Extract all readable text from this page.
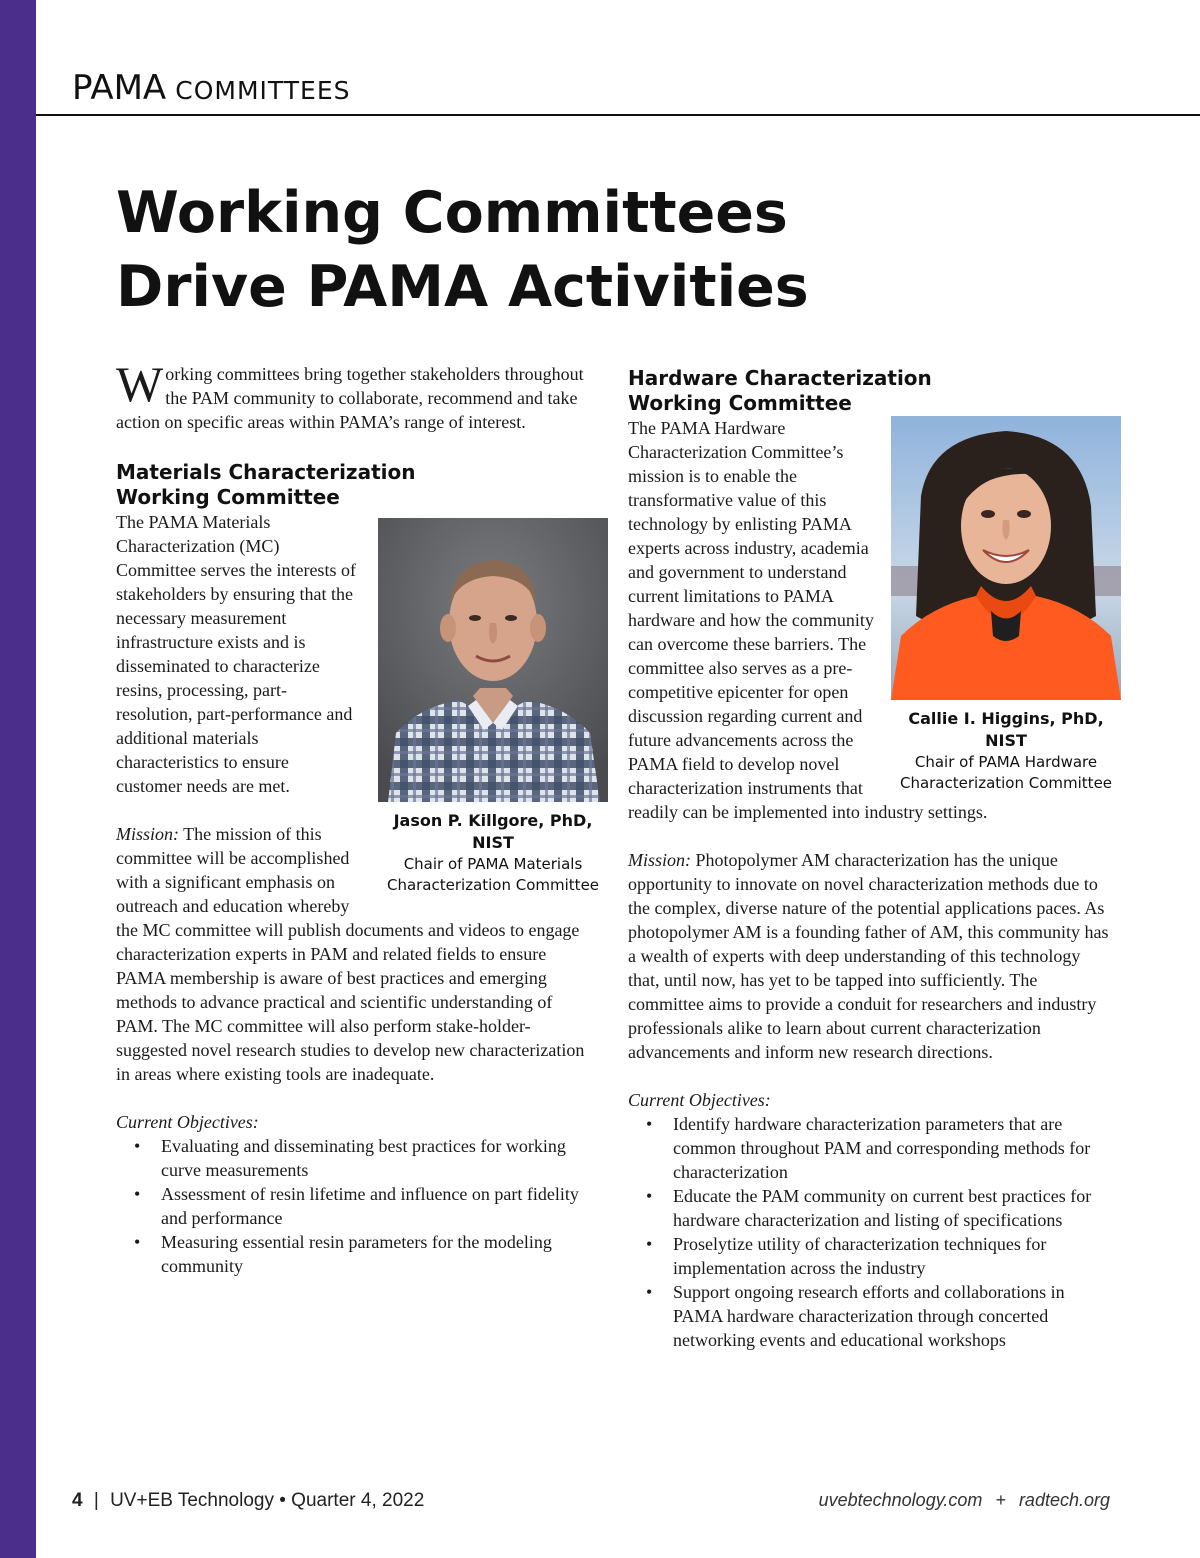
PAMA COMMITTEES
Working Committees
Drive PAMA Activities

Working committees bring together stakeholders throughout the PAM community to collaborate, recommend and take action on specific areas within PAMA’s range of interest.

Materials Characterization
Working Committee
Jason P. Killgore, PhD,
NIST
Chair of PAMA Materials
Characterization Committee

The PAMA Materials Characterization (MC) Committee serves the interests of stakeholders by ensuring that the necessary measurement infrastructure exists and is disseminated to characterize resins, processing, part-resolution, part-performance and additional materials characteristics to ensure customer needs are met.

Mission: The mission of this committee will be accomplished with a significant emphasis on outreach and education whereby the MC committee will publish documents and videos to engage characterization experts in PAM and related fields to ensure PAMA membership is aware of best practices and emerging methods to advance practical and scientific understanding of PAM. The MC committee will also perform stake-holder-suggested novel research studies to develop new characterization in areas where existing tools are inadequate.

Current Objectives:

• Evaluating and disseminating best practices for working curve measurements
• Assessment of resin lifetime and influence on part fidelity and performance
• Measuring essential resin parameters for the modeling community
Hardware Characterization
Working Committee
Callie I. Higgins, PhD,
NIST
Chair of PAMA Hardware
Characterization Committee

The PAMA Hardware Characterization Committee’s mission is to enable the transformative value of this technology by enlisting PAMA experts across industry, academia and government to understand current limitations to PAMA hardware and how the community can overcome these barriers. The committee also serves as a pre-competitive epicenter for open discussion regarding current and future advancements across the PAMA field to develop novel characterization instruments that readily can be implemented into industry settings.

Mission: Photopolymer AM characterization has the unique opportunity to innovate on novel characterization methods due to the complex, diverse nature of the potential applications paces. As photopolymer AM is a founding father of AM, this community has a wealth of experts with deep understanding of this technology that, until now, has yet to be tapped into sufficiently. The committee aims to provide a conduit for researchers and industry professionals alike to learn about current characterization advancements and inform new research directions.

Current Objectives:

• Identify hardware characterization parameters that are common throughout PAM and corresponding methods for characterization
• Educate the PAM community on current best practices for hardware characterization and listing of specifications
• Proselytize utility of characterization techniques for implementation across the industry
• Support ongoing research efforts and collaborations in PAMA hardware characterization through concerted networking events and educational workshops
4 | UV+EB Technology • Quarter 4, 2022	uvebtechnology.com + radtech.org
